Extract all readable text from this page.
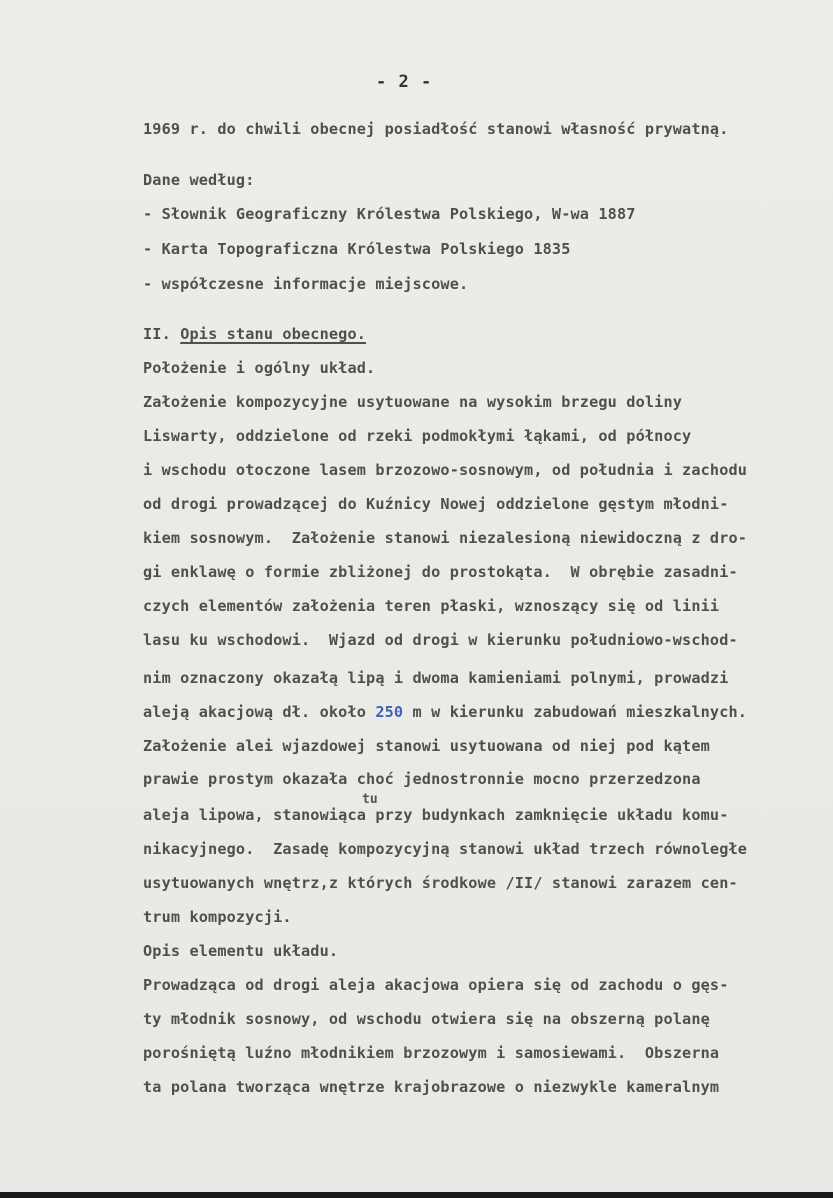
- 2 -
1969 r. do chwili obecnej posiadłość stanowi własność prywatną.
Dane według:
- Słownik Geograficzny Królestwa Polskiego, W-wa 1887
- Karta Topograficzna Królestwa Polskiego 1835
- współczesne informacje miejscowe.
II. Opis stanu obecnego.
Położenie i ogólny układ.
Założenie kompozycyjne usytuowane na wysokim brzegu doliny
Liswarty, oddzielone od rzeki podmokłymi łąkami, od północy
i wschodu otoczone lasem brzozowo-sosnowym, od południa i zachodu
od drogi prowadzącej do Kuźnicy Nowej oddzielone gęstym młodni-
kiem sosnowym.  Założenie stanowi niezalesioną niewidoczną z dro-
gi enklawę o formie zbliżonej do prostokąta.  W obrębie zasadni-
czych elementów założenia teren płaski, wznoszący się od linii
lasu ku wschodowi.  Wjazd od drogi w kierunku południowo-wschod-
nim oznaczony okazałą lipą i dwoma kamieniami polnymi, prowadzi
aleją akacjową dł. około 250 m w kierunku zabudowań mieszkalnych.
Założenie alei wjazdowej stanowi usytuowana od niej pod kątem
prawie prostym okazała choć jednostronnie mocno przerzedzona
tu
aleja lipowa, stanowiąca przy budynkach zamknięcie układu komu-
nikacyjnego.  Zasadę kompozycyjną stanowi układ trzech równoległe
usytuowanych wnętrz,z których środkowe /II/ stanowi zarazem cen-
trum kompozycji.
Opis elementu układu.
Prowadząca od drogi aleja akacjowa opiera się od zachodu o gęs-
ty młodnik sosnowy, od wschodu otwiera się na obszerną polanę
porośniętą luźno młodnikiem brzozowym i samosiewami.  Obszerna
ta polana tworząca wnętrze krajobrazowe o niezwykle kameralnym
